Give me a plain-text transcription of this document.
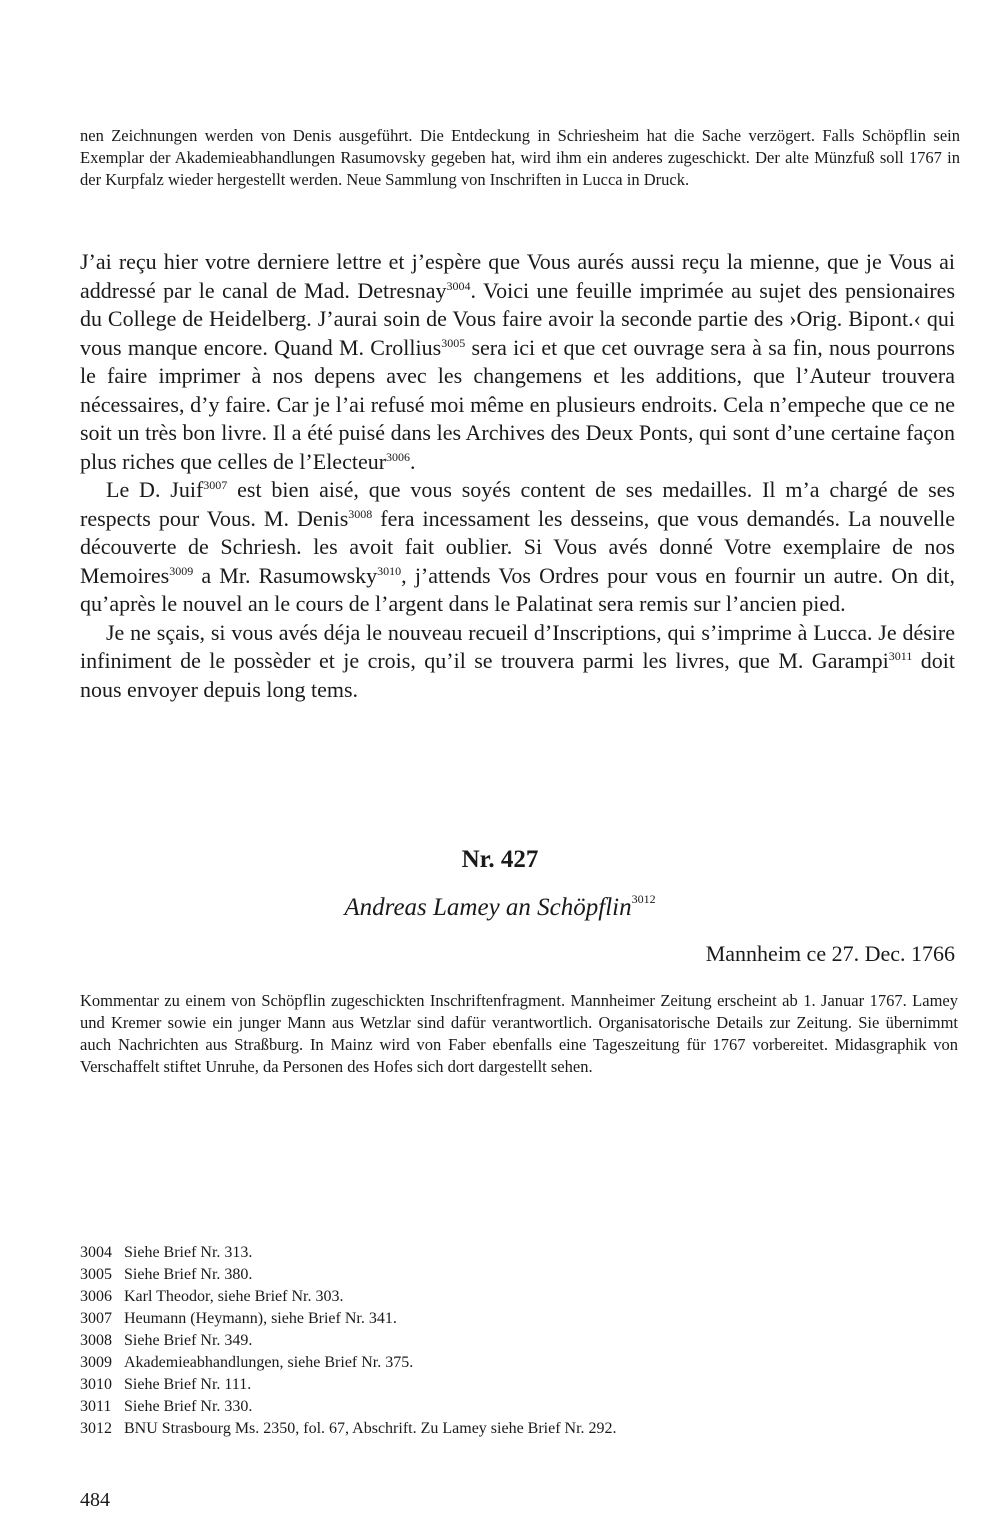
nen Zeichnungen werden von Denis ausgeführt. Die Entdeckung in Schriesheim hat die Sache verzögert. Falls Schöpflin sein Exemplar der Akademieabhandlungen Rasumovsky gegeben hat, wird ihm ein anderes zugeschickt. Der alte Münzfuß soll 1767 in der Kurpfalz wieder hergestellt werden. Neue Sammlung von Inschriften in Lucca in Druck.

J’ai reçu hier votre derniere lettre et j’espère que Vous aurés aussi reçu la mienne, que je Vous ai addressé par le canal de Mad. Detresnay$^{3004}$. Voici une feuille imprimée au sujet des pensionaires du College de Heidelberg. J’aurai soin de Vous faire avoir la seconde partie des ›Orig. Bipont.‹ qui vous manque encore. Quand M. Crollius$^{3005}$ sera ici et que cet ouvrage sera à sa fin, nous pourrons le faire imprimer à nos depens avec les changemens et les additions, que l’Auteur trouvera nécessaires, d’y faire. Car je l’ai refusé moi même en plusieurs endroits. Cela n’empeche que ce ne soit un très bon livre. Il a été puisé dans les Archives des Deux Ponts, qui sont d’une certaine façon plus riches que celles de l’Electeur$^{3006}$.

Le D. Juif$^{3007}$ est bien aisé, que vous soyés content de ses medailles. Il m’a chargé de ses respects pour Vous. M. Denis$^{3008}$ fera incessament les desseins, que vous demandés. La nouvelle découverte de Schriesh. les avoit fait oublier. Si Vous avés donné Votre exemplaire de nos Memoires$^{3009}$ a Mr. Rasumowsky$^{3010}$, j’attends Vos Ordres pour vous en fournir un autre. On dit, qu’après le nouvel an le cours de l’argent dans le Palatinat sera remis sur l’ancien pied.

Je ne sçais, si vous avés déja le nouveau recueil d’Inscriptions, qui s’imprime à Lucca. Je désire infiniment de le possèder et je crois, qu’il se trouvera parmi les livres, que M. Garampi$^{3011}$ doit nous envoyer depuis long tems.

Nr. 427
Andreas Lamey an Schöpflin$^{3012}$
Mannheim ce 27. Dec. 1766
Kommentar zu einem von Schöpflin zugeschickten Inschriftenfragment. Mannheimer Zeitung erscheint ab 1. Januar 1767. Lamey und Kremer sowie ein junger Mann aus Wetzlar sind dafür verantwortlich. Organisatorische Details zur Zeitung. Sie übernimmt auch Nachrichten aus Straßburg. In Mainz wird von Faber ebenfalls eine Tageszeitung für 1767 vorbereitet. Midasgraphik von Verschaffelt stiftet Unruhe, da Personen des Hofes sich dort dargestellt sehen.
3004 Siehe Brief Nr. 313.
3005 Siehe Brief Nr. 380.
3006 Karl Theodor, siehe Brief Nr. 303.
3007 Heumann (Heymann), siehe Brief Nr. 341.
3008 Siehe Brief Nr. 349.
3009 Akademieabhandlungen, siehe Brief Nr. 375.
3010 Siehe Brief Nr. 111.
3011 Siehe Brief Nr. 330.
3012 BNU Strasbourg Ms. 2350, fol. 67, Abschrift. Zu Lamey siehe Brief Nr. 292.
484
